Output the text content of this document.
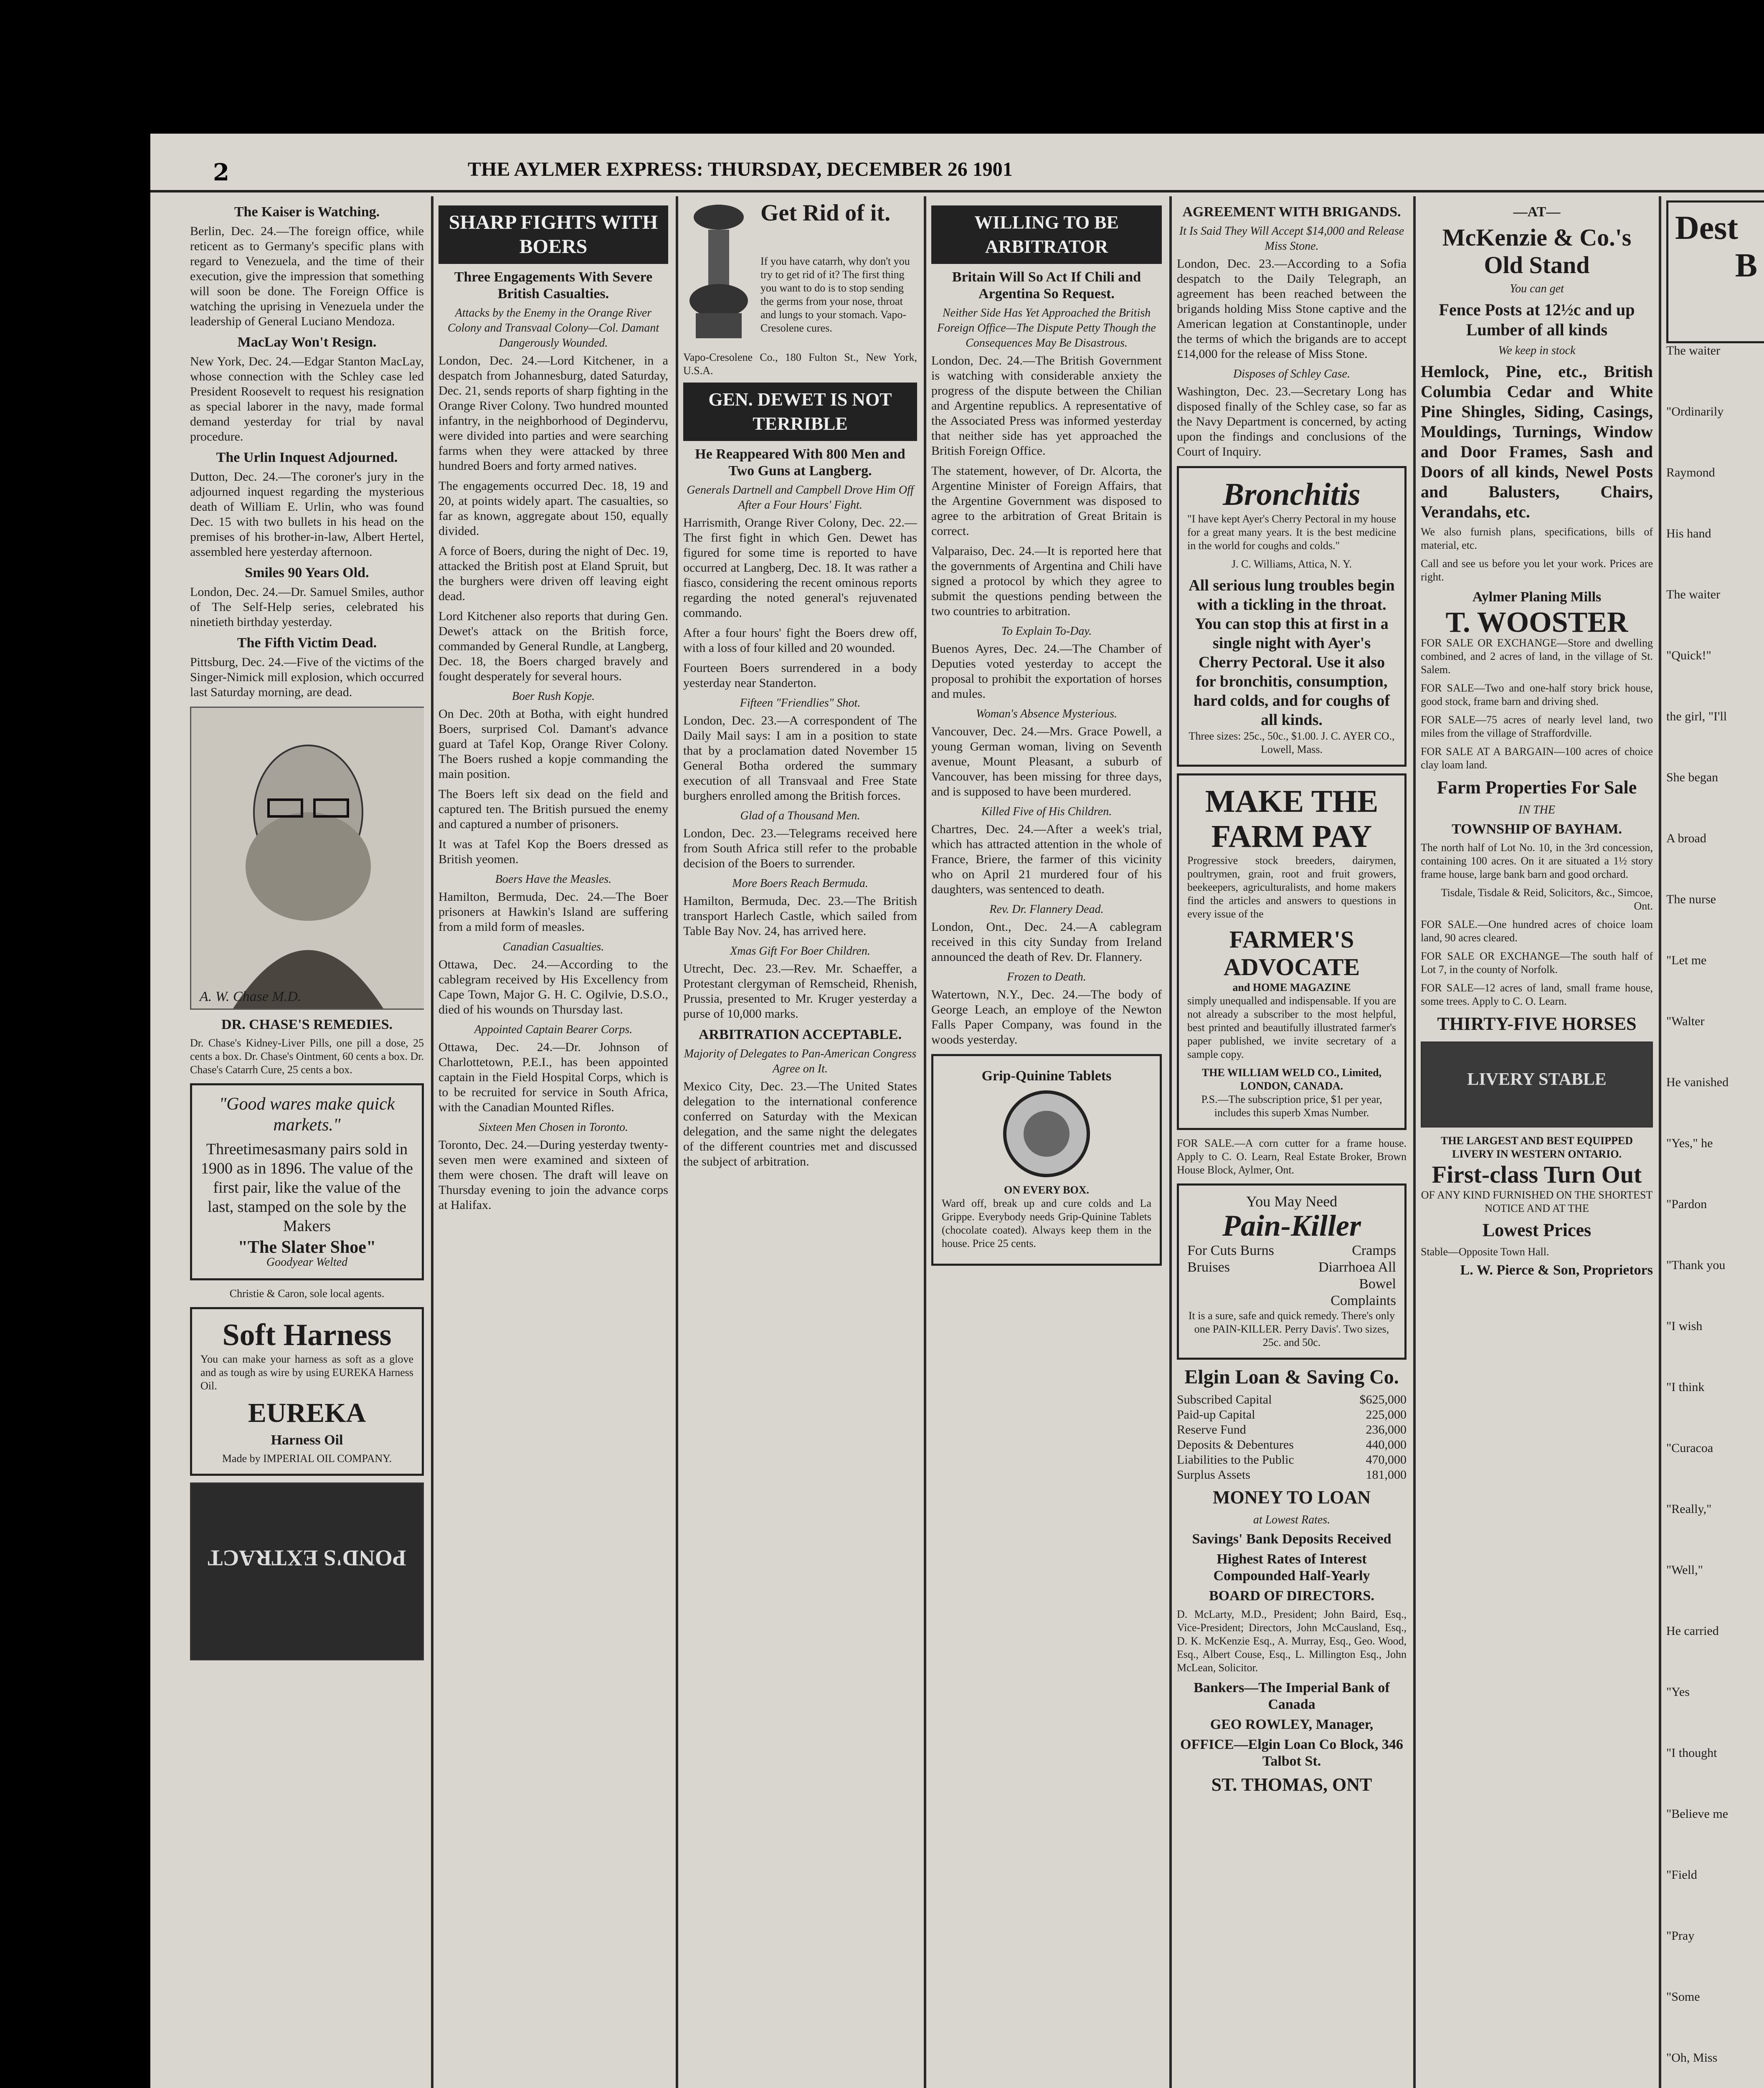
2	THE AYLMER EXPRESS: THURSDAY, DECEMBER 26 1901
The Kaiser is Watching.
Berlin, Dec. 24.—The foreign office, while reticent as to Germany's specific plans with regard to Venezuela, and the time of their execution, give the impression that something will soon be done. The Foreign Office is watching the uprising in Venezuela under the leadership of General Luciano Mendoza.
MacLay Won't Resign.
New York, Dec. 24.—Edgar Stanton MacLay, whose connection with the Schley case led President Roosevelt to request his resignation as special laborer in the navy, made formal demand yesterday for trial by naval procedure.
The Urlin Inquest Adjourned.
Dutton, Dec. 24.—The coroner's jury in the adjourned inquest regarding the mysterious death of William E. Urlin, who was found Dec. 15 with two bullets in his head on the premises of his brother-in-law, Albert Hertel, assembled here yesterday afternoon.
Smiles 90 Years Old.
London, Dec. 24.—Dr. Samuel Smiles, author of The Self-Help series, celebrated his ninetieth birthday yesterday.
The Fifth Victim Dead.
Pittsburg, Dec. 24.—Five of the victims of the Singer-Nimick mill explosion, which occurred last Saturday morning, are dead.
A. W. Chase M.D.
DR. CHASE'S REMEDIES.
Dr. Chase's Kidney-Liver Pills, one pill a dose, 25 cents a box. Dr. Chase's Ointment, 60 cents a box. Dr. Chase's Catarrh Cure, 25 cents a box.
"Good wares make quick markets."
Threetimesasmany pairs sold in 1900 as in 1896. The value of the first pair, like the value of the last, stamped on the sole by the Makers
"The Slater Shoe"
Goodyear Welted
Christie & Caron, sole local agents.
Soft Harness
You can make your harness as soft as a glove and as tough as wire by using EUREKA Harness Oil.
EUREKA
Harness Oil
Made by IMPERIAL OIL COMPANY.
POND'S EXTRACT
SHARP FIGHTS WITH BOERS
Three Engagements With Severe British Casualties.
Attacks by the Enemy in the Orange River Colony and Transvaal Colony—Col. Damant Dangerously Wounded.
London, Dec. 24.—Lord Kitchener, in a despatch from Johannesburg, dated Saturday, Dec. 21, sends reports of sharp fighting in the Orange River Colony. Two hundred mounted infantry, in the neighborhood of Degindervu, were divided into parties and were searching farms when they were attacked by three hundred Boers and forty armed natives.
The engagements occurred Dec. 18, 19 and 20, at points widely apart. The casualties, so far as known, aggregate about 150, equally divided.
A force of Boers, during the night of Dec. 19, attacked the British post at Eland Spruit, but the burghers were driven off leaving eight dead.
Lord Kitchener also reports that during Gen. Dewet's attack on the British force, commanded by General Rundle, at Langberg, Dec. 18, the Boers charged bravely and fought desperately for several hours.
Boer Rush Kopje.
On Dec. 20th at Botha, with eight hundred Boers, surprised Col. Damant's advance guard at Tafel Kop, Orange River Colony. The Boers rushed a kopje commanding the main position.
The Boers left six dead on the field and captured ten. The British pursued the enemy and captured a number of prisoners.
It was at Tafel Kop the Boers dressed as British yeomen.
Boers Have the Measles.
Hamilton, Bermuda, Dec. 24.—The Boer prisoners at Hawkin's Island are suffering from a mild form of measles.
Canadian Casualties.
Ottawa, Dec. 24.—According to the cablegram received by His Excellency from Cape Town, Major G. H. C. Ogilvie, D.S.O., died of his wounds on Thursday last.
Appointed Captain Bearer Corps.
Ottawa, Dec. 24.—Dr. Johnson of Charlottetown, P.E.I., has been appointed captain in the Field Hospital Corps, which is to be recruited for service in South Africa, with the Canadian Mounted Rifles.
Sixteen Men Chosen in Toronto.
Toronto, Dec. 24.—During yesterday twenty-seven men were examined and sixteen of them were chosen. The draft will leave on Thursday evening to join the advance corps at Halifax.
Get Rid of it.
If you have catarrh, why don't you try to get rid of it? The first thing you want to do is to stop sending the germs from your nose, throat and lungs to your stomach. Vapo-Cresolene cures.
Vapo-Cresolene Co., 180 Fulton St., New York, U.S.A.
GEN. DEWET IS NOT TERRIBLE
He Reappeared With 800 Men and Two Guns at Langberg.
Generals Dartnell and Campbell Drove Him Off After a Four Hours' Fight.
Harrismith, Orange River Colony, Dec. 22.—The first fight in which Gen. Dewet has figured for some time is reported to have occurred at Langberg, Dec. 18. It was rather a fiasco, considering the recent ominous reports regarding the noted general's rejuvenated commando.
After a four hours' fight the Boers drew off, with a loss of four killed and 20 wounded.
Fourteen Boers surrendered in a body yesterday near Standerton.
Fifteen "Friendlies" Shot.
London, Dec. 23.—A correspondent of The Daily Mail says: I am in a position to state that by a proclamation dated November 15 General Botha ordered the summary execution of all Transvaal and Free State burghers enrolled among the British forces.
Glad of a Thousand Men.
London, Dec. 23.—Telegrams received here from South Africa still refer to the probable decision of the Boers to surrender.
More Boers Reach Bermuda.
Hamilton, Bermuda, Dec. 23.—The British transport Harlech Castle, which sailed from Table Bay Nov. 24, has arrived here.
Xmas Gift For Boer Children.
Utrecht, Dec. 23.—Rev. Mr. Schaeffer, a Protestant clergyman of Remscheid, Rhenish, Prussia, presented to Mr. Kruger yesterday a purse of 10,000 marks.
ARBITRATION ACCEPTABLE.
Majority of Delegates to Pan-American Congress Agree on It.
Mexico City, Dec. 23.—The United States delegation to the international conference conferred on Saturday with the Mexican delegation, and the same night the delegates of the different countries met and discussed the subject of arbitration.
WILLING TO BE ARBITRATOR
Britain Will So Act If Chili and Argentina So Request.
Neither Side Has Yet Approached the British Foreign Office—The Dispute Petty Though the Consequences May Be Disastrous.
London, Dec. 24.—The British Government is watching with considerable anxiety the progress of the dispute between the Chilian and Argentine republics. A representative of the Associated Press was informed yesterday that neither side has yet approached the British Foreign Office.
The statement, however, of Dr. Alcorta, the Argentine Minister of Foreign Affairs, that the Argentine Government was disposed to agree to the arbitration of Great Britain is correct.
Valparaiso, Dec. 24.—It is reported here that the governments of Argentina and Chili have signed a protocol by which they agree to submit the questions pending between the two countries to arbitration.
To Explain To-Day.
Buenos Ayres, Dec. 24.—The Chamber of Deputies voted yesterday to accept the proposal to prohibit the exportation of horses and mules.
Woman's Absence Mysterious.
Vancouver, Dec. 24.—Mrs. Grace Powell, a young German woman, living on Seventh avenue, Mount Pleasant, a suburb of Vancouver, has been missing for three days, and is supposed to have been murdered.
Killed Five of His Children.
Chartres, Dec. 24.—After a week's trial, which has attracted attention in the whole of France, Briere, the farmer of this vicinity who on April 21 murdered four of his daughters, was sentenced to death.
Rev. Dr. Flannery Dead.
London, Ont., Dec. 24.—A cablegram received in this city Sunday from Ireland announced the death of Rev. Dr. Flannery.
Frozen to Death.
Watertown, N.Y., Dec. 24.—The body of George Leach, an employe of the Newton Falls Paper Company, was found in the woods yesterday.
Grip-Quinine Tablets
ON EVERY BOX.
Ward off, break up and cure colds and La Grippe. Everybody needs Grip-Quinine Tablets (chocolate coated). Always keep them in the house. Price 25 cents.
AGREEMENT WITH BRIGANDS.
It Is Said They Will Accept $14,000 and Release Miss Stone.
London, Dec. 23.—According to a Sofia despatch to the Daily Telegraph, an agreement has been reached between the brigands holding Miss Stone captive and the American legation at Constantinople, under the terms of which the brigands are to accept £14,000 for the release of Miss Stone.
Disposes of Schley Case.
Washington, Dec. 23.—Secretary Long has disposed finally of the Schley case, so far as the Navy Department is concerned, by acting upon the findings and conclusions of the Court of Inquiry.
Bronchitis
"I have kept Ayer's Cherry Pectoral in my house for a great many years. It is the best medicine in the world for coughs and colds."
J. C. Williams, Attica, N. Y.
All serious lung troubles begin with a tickling in the throat. You can stop this at first in a single night with Ayer's Cherry Pectoral. Use it also for bronchitis, consumption, hard colds, and for coughs of all kinds.
Three sizes: 25c., 50c., $1.00. J. C. AYER CO., Lowell, Mass.
MAKE THE FARM PAY
Progressive stock breeders, dairymen, poultrymen, grain, root and fruit growers, beekeepers, agriculturalists, and home makers find the articles and answers to questions in every issue of the
FARMER'S ADVOCATE
and HOME MAGAZINE
simply unequalled and indispensable. If you are not already a subscriber to the most helpful, best printed and beautifully illustrated farmer's paper published, we invite secretary of a sample copy.
THE WILLIAM WELD CO., Limited, LONDON, CANADA.
P.S.—The subscription price, $1 per year, includes this superb Xmas Number.
FOR SALE.—A corn cutter for a frame house. Apply to C. O. Learn, Real Estate Broker, Brown House Block, Aylmer, Ont.
You May Need
Pain-Killer
For Cuts Burns Bruises
Cramps Diarrhoea All Bowel Complaints
It is a sure, safe and quick remedy. There's only one PAIN-KILLER. Perry Davis'. Two sizes, 25c. and 50c.
Elgin Loan & Saving Co.
Subscribed Capital	$625,000
Paid-up Capital	225,000
Reserve Fund	236,000
Deposits & Debentures	440,000
Liabilities to the Public	470,000
Surplus Assets	181,000
MONEY TO LOAN
at Lowest Rates.
Savings' Bank Deposits Received
Highest Rates of Interest Compounded Half-Yearly
BOARD OF DIRECTORS.
D. McLarty, M.D., President; John Baird, Esq., Vice-President; Directors, John McCausland, Esq., D. K. McKenzie Esq., A. Murray, Esq., Geo. Wood, Esq., Albert Couse, Esq., L. Millington Esq., John McLean, Solicitor.
Bankers—The Imperial Bank of Canada
GEO ROWLEY, Manager,
OFFICE—Elgin Loan Co Block, 346 Talbot St.
ST. THOMAS, ONT
—AT—
McKenzie & Co.'s Old Stand
You can get
Fence Posts at 12½c and up Lumber of all kinds
We keep in stock
Hemlock, Pine, etc., British Columbia Cedar and White Pine Shingles, Siding, Casings, Mouldings, Turnings, Window and Door Frames, Sash and Doors of all kinds, Newel Posts and Balusters, Chairs, Verandahs, etc.
We also furnish plans, specifications, bills of material, etc.
Call and see us before you let your work. Prices are right.
Aylmer Planing Mills
T. WOOSTER
FOR SALE OR EXCHANGE—Store and dwelling combined, and 2 acres of land, in the village of St. Salem.
FOR SALE—Two and one-half story brick house, good stock, frame barn and driving shed.
FOR SALE—75 acres of nearly level land, two miles from the village of Straffordville.
FOR SALE AT A BARGAIN—100 acres of choice clay loam land.
Farm Properties For Sale
IN THE
TOWNSHIP OF BAYHAM.
The north half of Lot No. 10, in the 3rd concession, containing 100 acres. On it are situated a 1½ story frame house, large bank barn and good orchard.
Tisdale, Tisdale & Reid, Solicitors, &c., Simcoe, Ont.
FOR SALE.—One hundred acres of choice loam land, 90 acres cleared.
FOR SALE OR EXCHANGE—The south half of Lot 7, in the county of Norfolk.
FOR SALE—12 acres of land, small frame house, some trees. Apply to C. O. Learn.
THIRTY-FIVE HORSES
LIVERY STABLE
THE LARGEST AND BEST EQUIPPED LIVERY IN WESTERN ONTARIO.
First-class Turn Out
OF ANY KIND FURNISHED ON THE SHORTEST NOTICE AND AT THE
Lowest Prices
Stable—Opposite Town Hall.
L. W. Pierce & Son, Proprietors
Dest
B
The waiter
"Ordinarily
Raymond
His hand
The waiter
"Quick!"
the girl, "I'll
She began
A broad
The nurse
"Let me
"Walter
He vanished
"Yes," he
"Pardon
"Thank you
"I wish
"I think
"Curacoa
"Really,"
"Well,"
He carried
"Yes
"I thought
"Believe me
"Field
"Pray
"Some
"Oh, Miss
